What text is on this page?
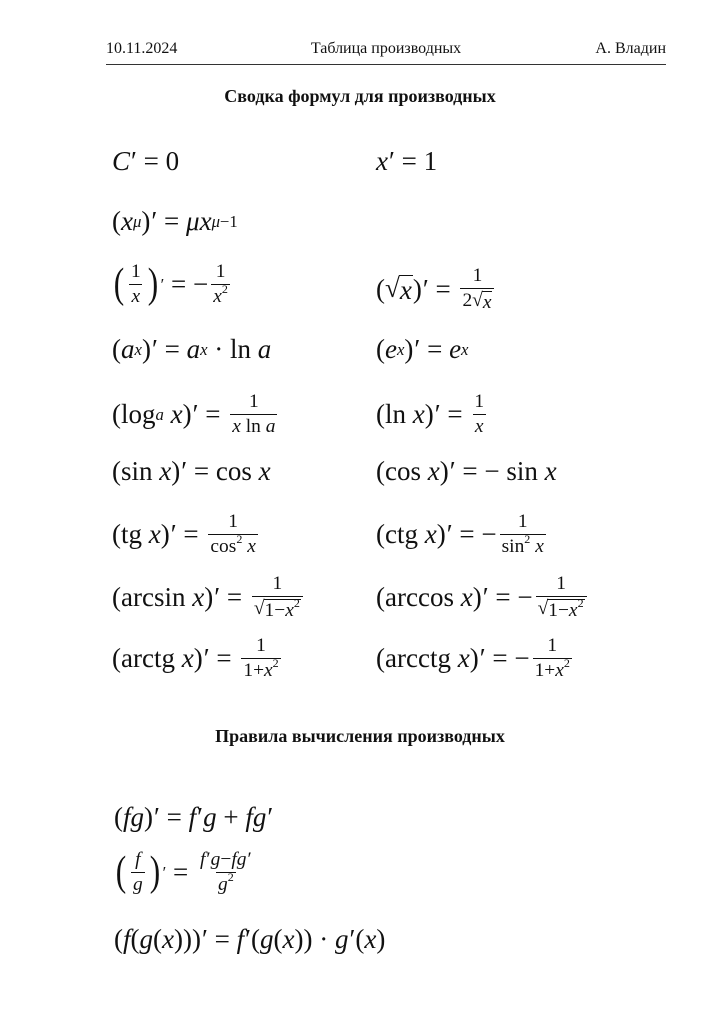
10.11.2024	Таблица производных	А. Владин
Сводка формул для производных
C ′ = 0	x ′ = 1
( x μ ) ′ = μx μ−1
( $\frac{1}{x}$ ) ′ = − $\frac{1}{x^2}$	( √ x ) ′ = $\frac{1}{2 √ x}$
( a x ) ′ = a x · ln
a	( e x ) ′ = e x
( log a
x ) ′ = $\frac{1}{\text{x ln a}}$	( ln
x ) ′ = $\frac{1}{x}$
( sin
x ) ′ = cos
x	( cos
x ) ′ = − sin
x
( tg
x ) ′ = $\frac{1}{\cos^2 x}$	( ctg
x ) ′ = − $\frac{1}{\sin^2 x}$
( arcsin
x ) ′ = $\frac{1}{√ 1-x^2}$	( arccos
x ) ′ = − $\frac{1}{√ 1-x^2}$
( arctg
x ) ′ = $\frac{1}{1+x^2}$	( arcctg
x ) ′ = − $\frac{1}{1+x^2}$
Правила вычисления производных
( fg ) ′ = f ′ g + fg ′
( $\frac{f}{g}$ ) ′ = $\frac{f'g-fg'}{g^2}$
( f ( g ( x ))) ′ = f ′ ( g ( x )) · g ′ ( x )
